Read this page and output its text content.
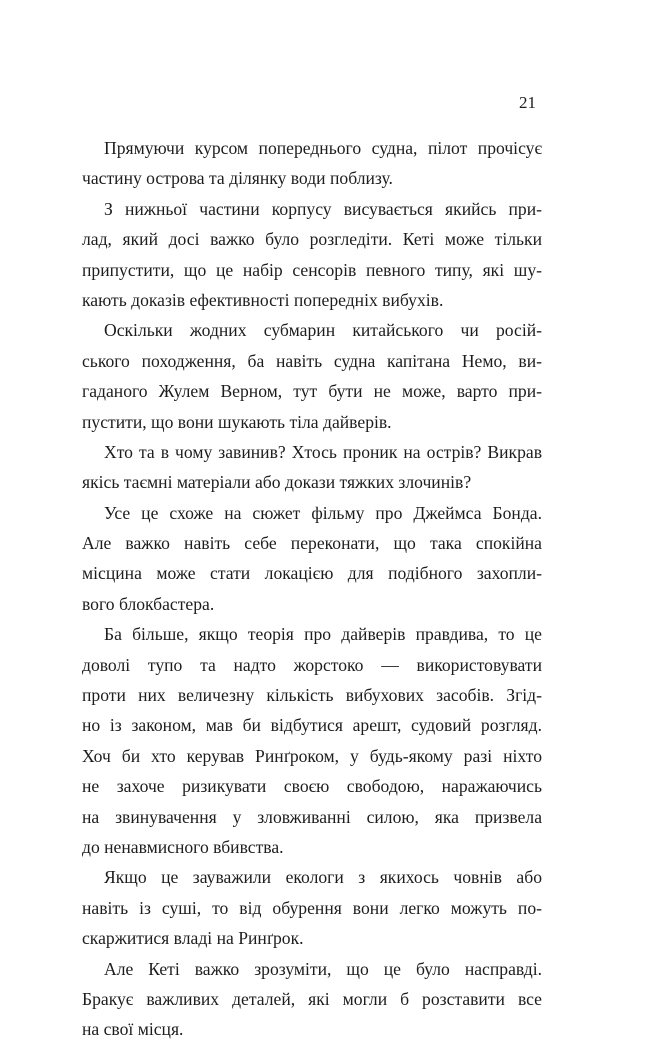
21
Прямуючи курсом попереднього судна, пілот прочісує
частину острова та ділянку води поблизу.
З нижньої частини корпусу висувається якийсь при-
лад, який досі важко було розгледіти. Кеті може тільки
припустити, що це набір сенсорів певного типу, які шу-
кають доказів ефективності попередніх вибухів.
Оскільки жодних субмарин китайського чи росій-
ського походження, ба навіть судна капітана Немо, ви-
гаданого Жулем Верном, тут бути не може, варто при-
пустити, що вони шукають тіла дайверів.
Хто та в чому завинив? Хтось проник на острів? Викрав
якісь таємні матеріали або докази тяжких злочинів?
Усе це схоже на сюжет фільму про Джеймса Бонда.
Але важко навіть себе переконати, що така спокійна
місцина може стати локацією для подібного захопли-
вого блокбастера.
Ба більше, якщо теорія про дайверів правдива, то це
доволі тупо та надто жорстоко — використовувати
проти них величезну кількість вибухових засобів. Згід-
но із законом, мав би відбутися арешт, судовий розгляд.
Хоч би хто керував Ринґроком, у будь-якому разі ніхто
не захоче ризикувати своєю свободою, наражаючись
на звинувачення у зловживанні силою, яка призвела
до ненавмисного вбивства.
Якщо це зауважили екологи з якихось човнів або
навіть із суші, то від обурення вони легко можуть по-
скаржитися владі на Ринґрок.
Але Кеті важко зрозуміти, що це було насправді.
Бракує важливих деталей, які могли б розставити все
на свої місця.
